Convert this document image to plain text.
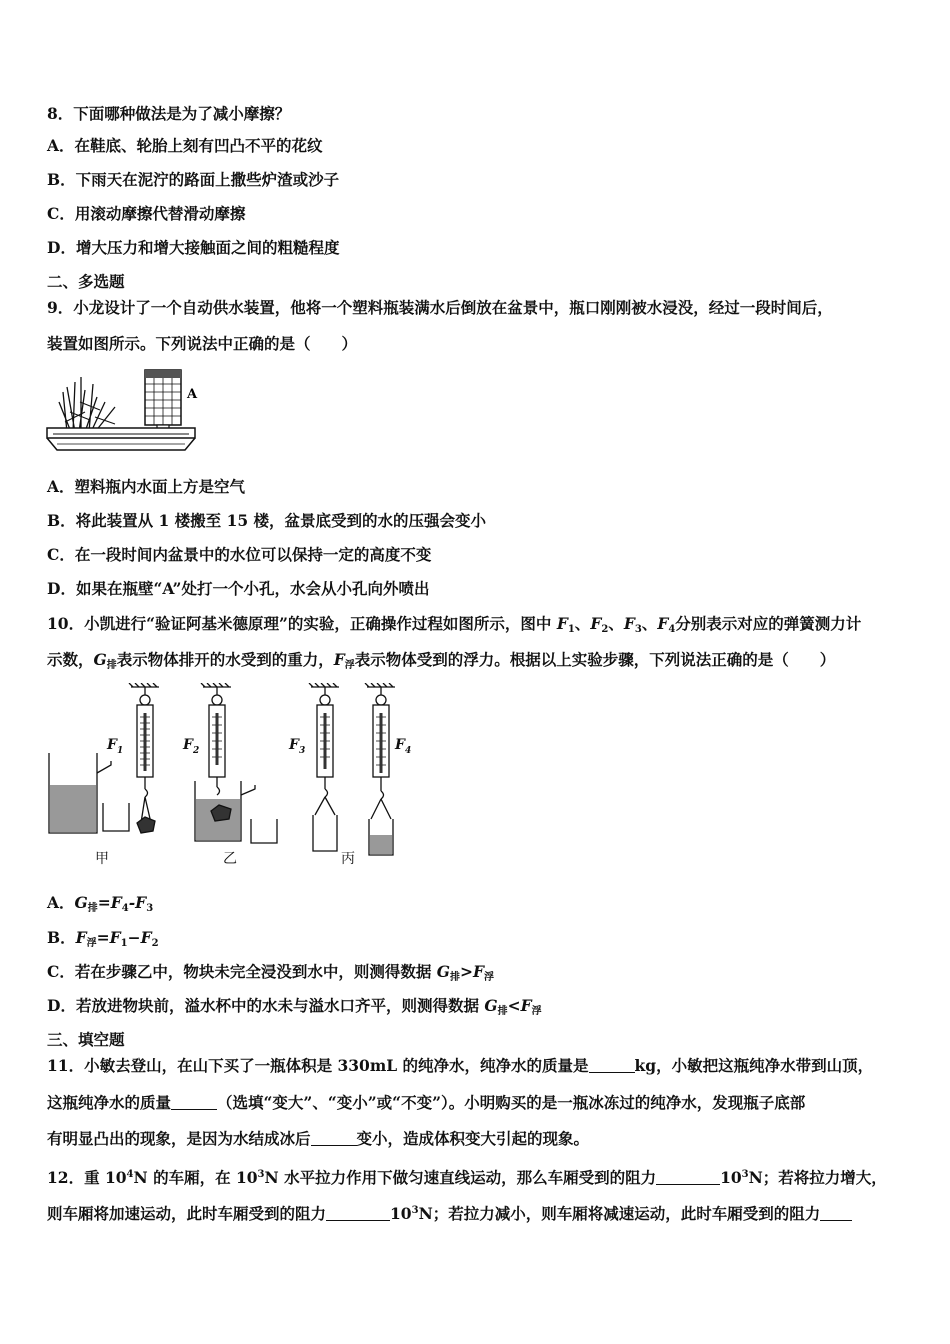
8．下面哪种做法是为了减小摩擦？
A．在鞋底、轮胎上刻有凹凸不平的花纹
B．下雨天在泥泞的路面上撒些炉渣或沙子
C．用滚动摩擦代替滑动摩擦
D．增大压力和增大接触面之间的粗糙程度
二、多选题
9．小龙设计了一个自动供水装置，他将一个塑料瓶装满水后倒放在盆景中，瓶口刚刚被水浸没，经过一段时间后，
装置如图所示。下列说法中正确的是（　　）
A
A．塑料瓶内水面上方是空气
B．将此装置从 1 楼搬至 15 楼，盆景底受到的水的压强会变小
C．在一段时间内盆景中的水位可以保持一定的高度不变
D．如果在瓶壁“A”处打一个小孔，水会从小孔向外喷出
10．小凯进行“验证阿基米德原理”的实验，正确操作过程如图所示，图中 $F_1$、$F_2$、$F_3$、$F_4$分别表示对应的弹簧测力计
示数，$G_排$表示物体排开的水受到的重力，$F_浮$表示物体受到的浮力。根据以上实验步骤，下列说法正确的是（　　）
$F_1$	$F_2$	$F_3$	$F_4$
甲	乙	丙
A．$G_排=F_4-F_3$
B．$F_浮=F_1-F_2$
C．若在步骤乙中，物块未完全浸没到水中，则测得数据 $G_排>F_浮$
D．若放进物块前，溢水杯中的水未与溢水口齐平，则测得数据 $G_排<F_浮$
三、填空题
11．小敏去登山，在山下买了一瓶体积是 330mL 的纯净水，纯净水的质量是	kg，小敏把这瓶纯净水带到山顶，
这瓶纯净水的质量	（选填“变大”、“变小”或“不变”）。小明购买的是一瓶冰冻过的纯净水，发现瓶子底部
有明显凸出的现象，是因为水结成冰后	变小，造成体积变大引起的现象。
12．重 $10^4N$ 的车厢，在 $10^3N$ 水平拉力作用下做匀速直线运动，那么车厢受到的阻力	$10^3N$；若将拉力增大，
则车厢将加速运动，此时车厢受到的阻力	$10^3N$；若拉力减小，则车厢将减速运动，此时车厢受到的阻力
